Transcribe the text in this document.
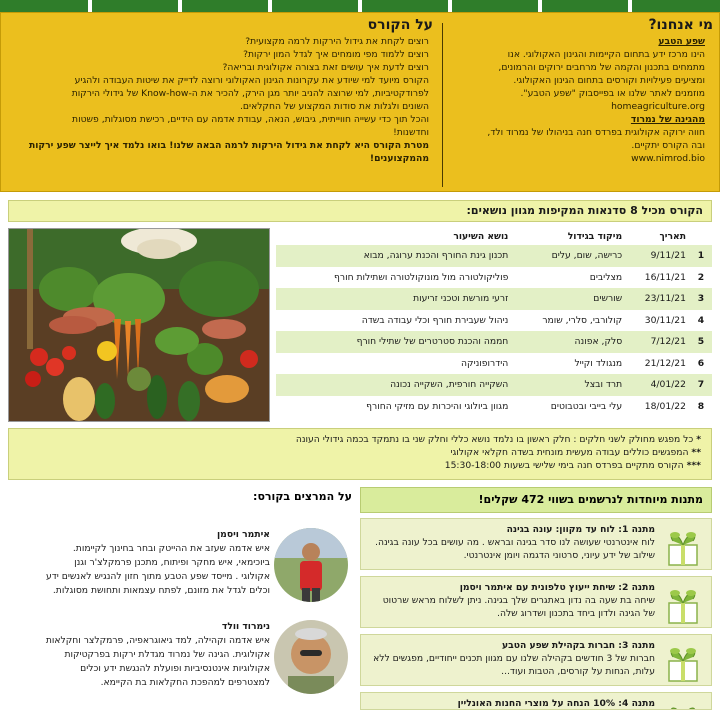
על הקורס
רוצים לקחת את גידול הירקות לרמה מקצועית?
רוצים ללמוד מפי מומחים איך לגדל המון ירקות?
רוצים לדעת איך עושים זאת בצורה אקולוגית ובריאה?
הקורס מיועד למי שיודע את עקרונות הגינון האקולוגי ורוצה לדייק את שיטות העבודה ולהגיע
לפרודקטיביות, למי שרוצה להניב יותר מגן הירק, להכיר את ה-Know-how של גידולי הירקות
השונים ולגלות את סודות המקצוע של החקלאים.
והכל תוך כדי עשייה חווייתית, גיבוש, הנאה, עבודת אדמה עם הידיים, רכישת מסוגלות, פשטות
וחדשנות!
מטרת הקורס היא לקחת את גידול הירקות לרמה הבאה שלנו! בואו נלמד איך לייצר שפע ירקות
מהמקצוענים!
מי אנחנו?
שפע הטבע
הינו מרכז ידע בתחום הקיימות והגינון האקולוגי. אנו
מתמחים בתכנון והקמה של מרחבים ירוקים והרמונים,
ומציעים פעילויות וקורסים בתחום הגינון האקולוגי.
מוזמנים לאתר שלנו או בפייסבוק "שפע הטבע".
homeagriculture.org
מהגינה של נמרוד
חווה ירוקה אקולוגית בפרדס חנה בניהולו של נמרוד ולד,
ובה הקורס יתקיים.
www.nimrod.bio
הקורס מכיל 8 סדנאות המקיפות מגוון נושאים:
	תאריך	מיקוד בגידול	נושא השיעור
1	9/11/21	כרישה, שום, עלים	תכנון גינת החורף והכנת ערוגה, מבוא
2	16/11/21	מצליבים	פוליקולטורה מול מונוקולטורה ושתילות חורף
3	23/11/21	שורשים	זרעי מורשת וטכני זריעות
4	30/11/21	קולורבי, סלרי, שומר	ניהול שעבירת חורף וכלי עבודה בשדה
5	7/12/21	סלק, אפונה	חממה והכנת סטרטרים של שתילי חורף
6	21/12/21	מנגולד וקייל	הידרופוניקה
7	4/01/22	תרד ובצל	השקייה חורפית, השקייה נכונה
8	18/01/22	עלי בייבי ובטבוטים	מגוון ביולוגי והיכרות עם מזיקי החורף
* כל מפגש מחולק לשני חלקים : חלק ראשון בו נלמד נושא כללי וחלק שני בו נתמקד בכמה גידולי העונה
** המפגשים כוללים עבודה מעשית מונחית בשדה חקלאי אקולוגי
*** הקורס מתקיים בפרדס חנה בימי שלישי בשעות 15:30-18:00
מתנות מיוחדות לנרשמים בשווי 472 שקלים!
מתנה 1: לוח עד מקוון: עונה בגינה
לוח אינטרנטי שעושה לנו סדר בגינה ובראש . מה עושים בכל עונה בגינה. שילוב של ידע עיוני, סרטוני הדגמה ויומן אינטרנטי.
מתנה 2: שיחת ייעוץ טלפונית עם איתמר ויסמן
שיחה בת שעה בה נדון באתגרים שלך בגינה. ניתן לשלוח מראש שרטוט של הגינה ולדון ביחד בתכנון ושדרוג שלה.
מתנה 3: חברות בקהילת שפע הטבע
חברות של 3 חודשים בקהילה שלנו עם מגוון תכנים ייחודיים, מפגשים ללא עלות, הנחות על קורסים, הטבות ועוד...
מתנה 4: 10% הנחה על מוצרי החנות האונליין
על המרצים בקורס:
איתמר ויסמן
איש אדמה שעזב את ההייטק ובחר בחינוך לקיימות.
ביוכימאי, איש מחקר ופיתוח, מתכנן פרמקלצ'ר וגנן
אקולוגי . מייסד שפע הטבע מתוך חזון להנגיש לאנשים ידע
וכלים לגדל את מזונם, לפתח עצמאות ותחושת מסוגלות.
נימרוד וולד
איש אדמה וקהילה, למד גיאוגראפיה, פרמקלצר וחקלאות
אקולוגית. הגינה של נמרוד מגדלת ירקות בפרקטיקות
אקולוגיות אינטנסיביות ופועלת להנגשת ידע וכלים
למצטרפים למהפכת החקלאות בת הקיימא.
